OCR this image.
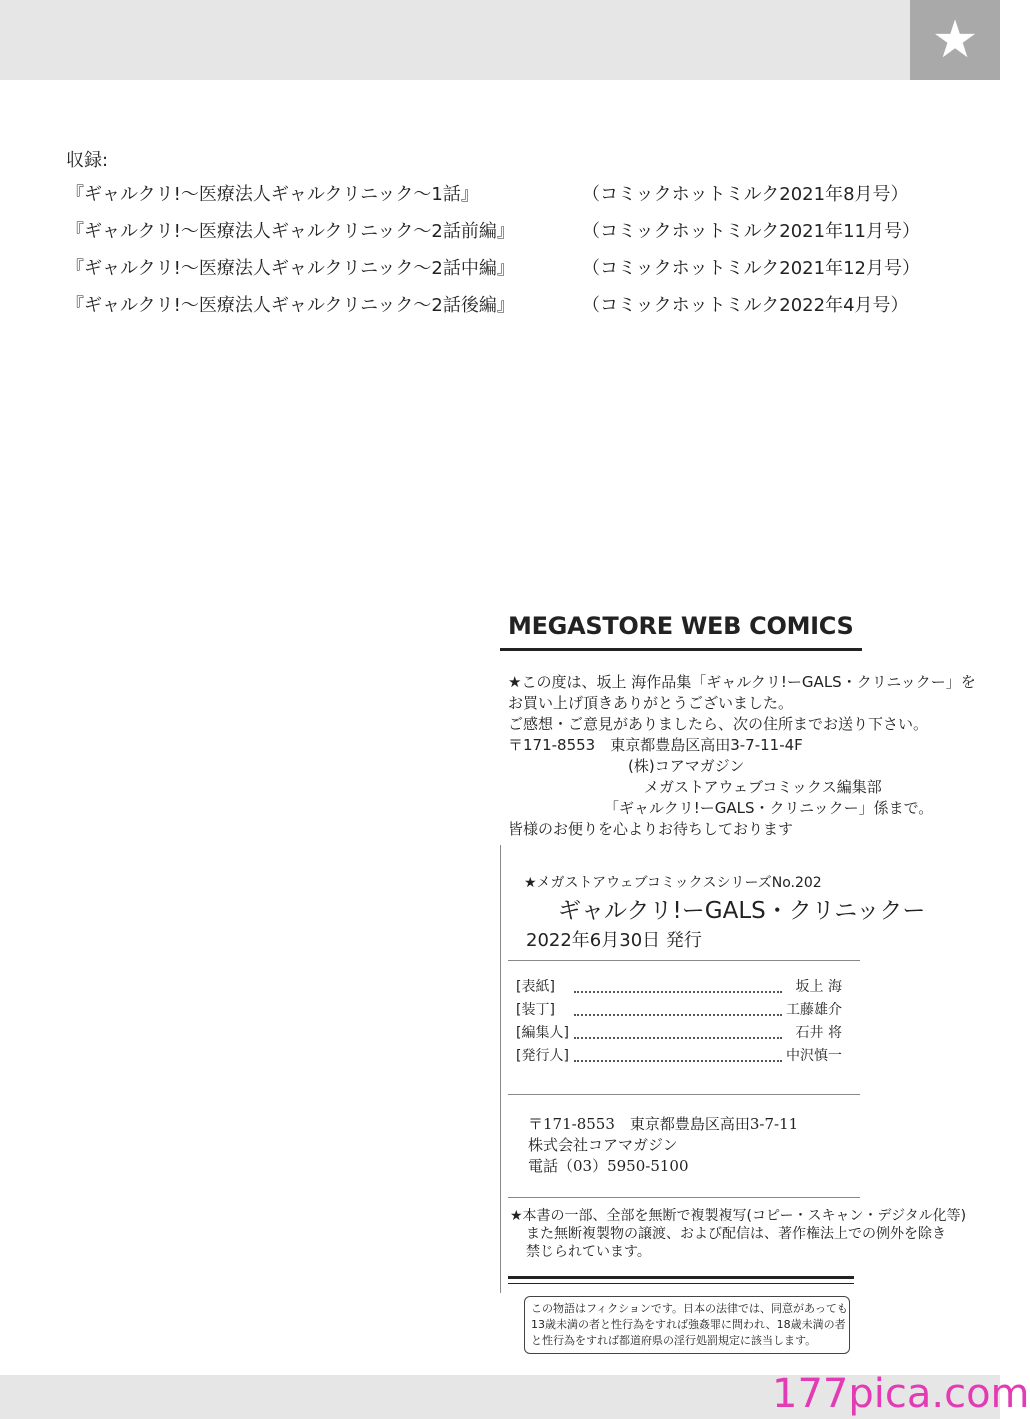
★
収録:
『ギャルクリ!〜医療法人ギャルクリニック〜1話』	（コミックホットミルク2021年8月号）
『ギャルクリ!〜医療法人ギャルクリニック〜2話前編』	（コミックホットミルク2021年11月号）
『ギャルクリ!〜医療法人ギャルクリニック〜2話中編』	（コミックホットミルク2021年12月号）
『ギャルクリ!〜医療法人ギャルクリニック〜2話後編』	（コミックホットミルク2022年4月号）
MEGASTORE WEB COMICS
★この度は、坂上 海作品集「ギャルクリ!ーGALS・クリニックー」を
お買い上げ頂きありがとうございました。
ご感想・ご意見がありましたら、次の住所までお送り下さい。
〒171-8553　東京都豊島区高田3-7-11-4F
(株)コアマガジン
メガストアウェブコミックス編集部
「ギャルクリ!ーGALS・クリニックー」係まで。
皆様のお便りを心よりお待ちしております
★メガストアウェブコミックスシリーズNo.202
ギャルクリ!ーGALS・クリニックー
2022年6月30日 発行
[表紙]	坂上 海
[装丁]	工藤雄介
[編集人]	石井 将
[発行人]	中沢慎一
〒171-8553　東京都豊島区高田3-7-11
株式会社コアマガジン
電話（03）5950-5100
★本書の一部、全部を無断で複製複写(コピー・スキャン・デジタル化等)
また無断複製物の譲渡、および配信は、著作権法上での例外を除き
禁じられています。
この物語はフィクションです。日本の法律では、同意があっても
13歳未満の者と性行為をすれば強姦罪に問われ、18歳未満の者
と性行為をすれば都道府県の淫行処罰規定に該当します。
177pica.com
